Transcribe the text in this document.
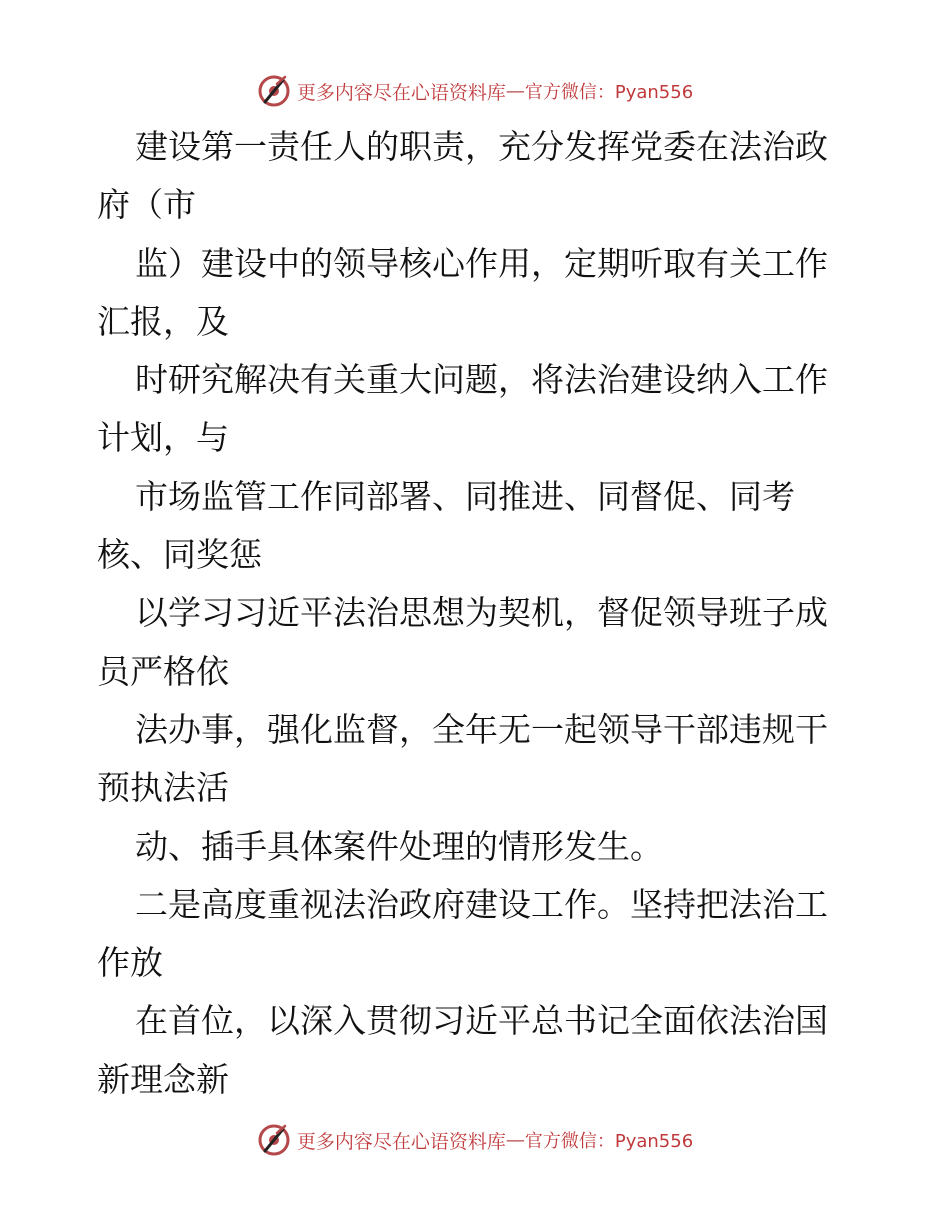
更多内容尽在心语资料库 — 官方微信：Pyan556
建设第一责任人的职责，充分发挥党委在法治政
府（市
监）建设中的领导核心作用，定期听取有关工作
汇报，及
时研究解决有关重大问题，将法治建设纳入工作
计划，与
市场监管工作同部署、同推进、同督促、同考
核、同奖惩
以学习习近平法治思想为契机，督促领导班子成
员严格依
法办事，强化监督，全年无一起领导干部违规干
预执法活
动、插手具体案件处理的情形发生。
二是高度重视法治政府建设工作。坚持把法治工
作放
在首位，以深入贯彻习近平总书记全面依法治国
新理念新
更多内容尽在心语资料库 — 官方微信：Pyan556
